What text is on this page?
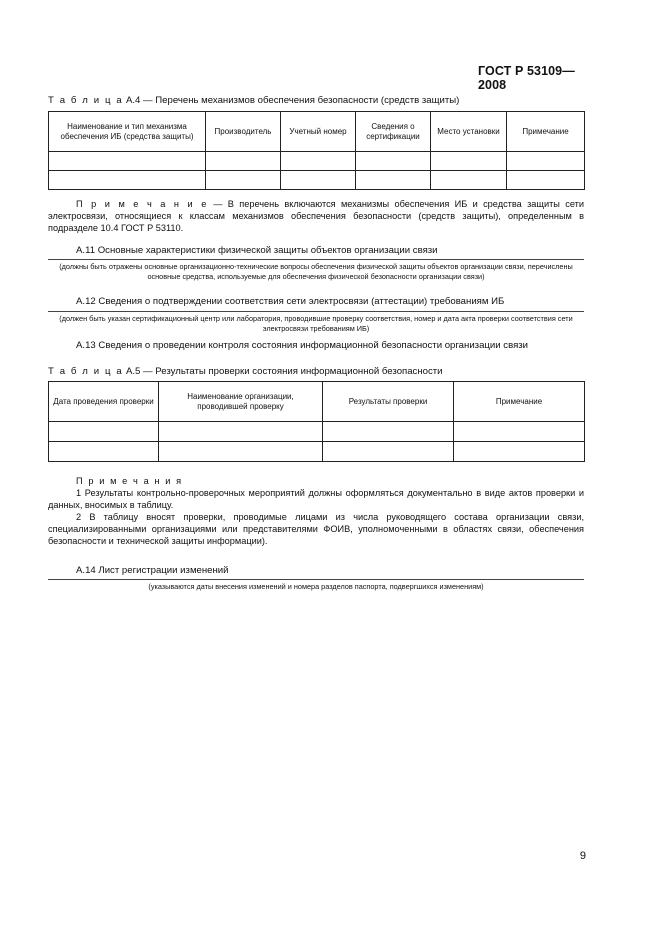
ГОСТ Р 53109—2008
Т а б л и ц а А.4 — Перечень механизмов обеспечения безопасности (средств защиты)
Наименование и тип механизма обеспечения ИБ (средства защиты)	Производитель	Учетный номер	Сведения о сертификации	Место установки	Примечание

П р и м е ч а н и е — В перечень включаются механизмы обеспечения ИБ и средства защиты сети электросвязи, относящиеся к классам механизмов обеспечения безопасности (средств защиты), определенным в подразделе 10.4 ГОСТ Р 53110.
А.11 Основные характеристики физической защиты объектов организации связи
(должны быть отражены основные организационно-технические вопросы обеспечения физической защиты объектов организации связи, перечислены основные средства, используемые для обеспечения физической безопасности организации связи)
А.12 Сведения о подтверждении соответствия сети электросвязи (аттестации) требованиям ИБ
(должен быть указан сертификационный центр или лаборатория, проводившие проверку соответствия, номер и дата акта проверки соответствия сети электросвязи требованиям ИБ)
А.13 Сведения о проведении контроля состояния информационной безопасности организации связи
Т а б л и ц а А.5 — Результаты проверки состояния информационной безопасности
Дата проведения проверки	Наименование организации, проводившей проверку	Результаты проверки	Примечание

П р и м е ч а н и я
1 Результаты контрольно-проверочных мероприятий должны оформляться документально в виде актов проверки и данных, вносимых в таблицу.
2 В таблицу вносят проверки, проводимые лицами из числа руководящего состава организации связи, специализированными организациями или представителями ФОИВ, уполномоченными в областях связи, обеспечения безопасности и технической защиты информации).
А.14 Лист регистрации изменений
(указываются даты внесения изменений и номера разделов паспорта, подвергшихся изменениям)
9
